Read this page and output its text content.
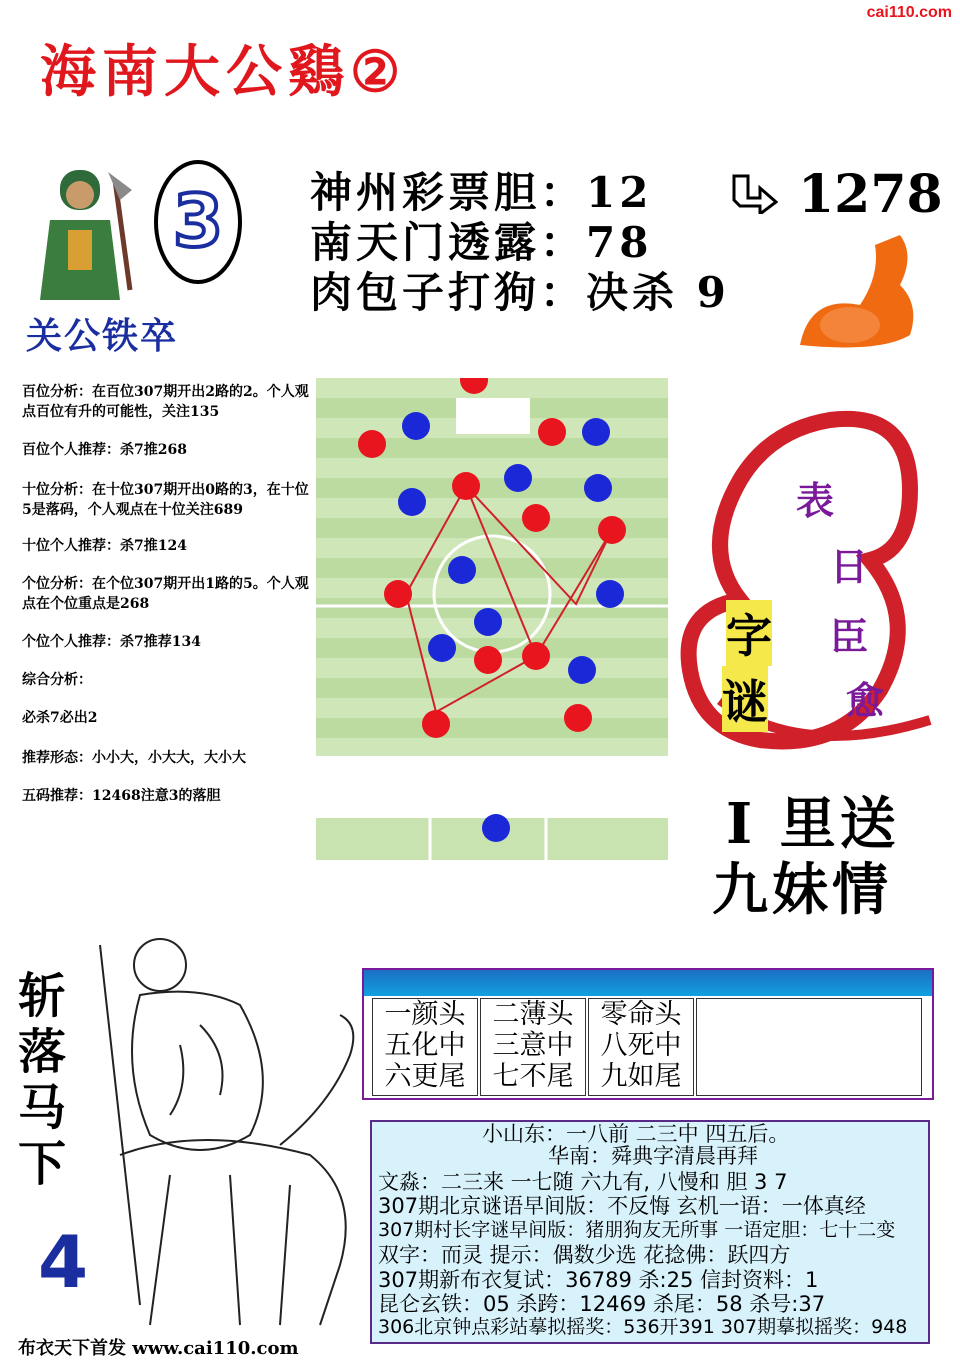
cai110.com
海南大公鷄②
3
关公铁卒
神州彩票胆：12
南天门透露：78
肉包子打狗：决杀 9
1278
百位分析：在百位307期开出2路的2。个人观点百位有升的可能性，关注135
百位个人推荐：杀7推268
十位分析：在十位307期开出0路的3，在十位5是落码，个人观点在十位关注689
十位个人推荐：杀7推124
个位分析：在个位307期开出1路的5。个人观点在个位重点是268
个位个人推荐：杀7推荐134
综合分析：
必杀7必出2
推荐形态：小小大，小大大，大小大
五码推荐：12468注意3的落胆
表
日
臣
愈
字
谜
I 里送
九妹情
斩落马下
4
布衣天下首发 www.cai110.com
一颜头
五化中
六更尾
二薄头
三意中
七不尾
零命头
八死中
九如尾
小山东：一八前 二三中 四五后。
华南：舜典字清晨再拜
文淼：二三来 一七随 六九有, 八慢和 胆 3 7
307期北京谜语早间版：不反悔 玄机一语：一体真经
307期村长字谜早间版：猪朋狗友无所事 一语定胆：七十二变
双字：而灵 提示：偶数少选 花捻佛：跃四方
307期新布衣复试：36789 杀:25 信封资料：1
昆仑玄铁：05 杀跨：12469 杀尾：58 杀号:37
306北京钟点彩站摹拟摇奖：536开391 307期摹拟摇奖：948
